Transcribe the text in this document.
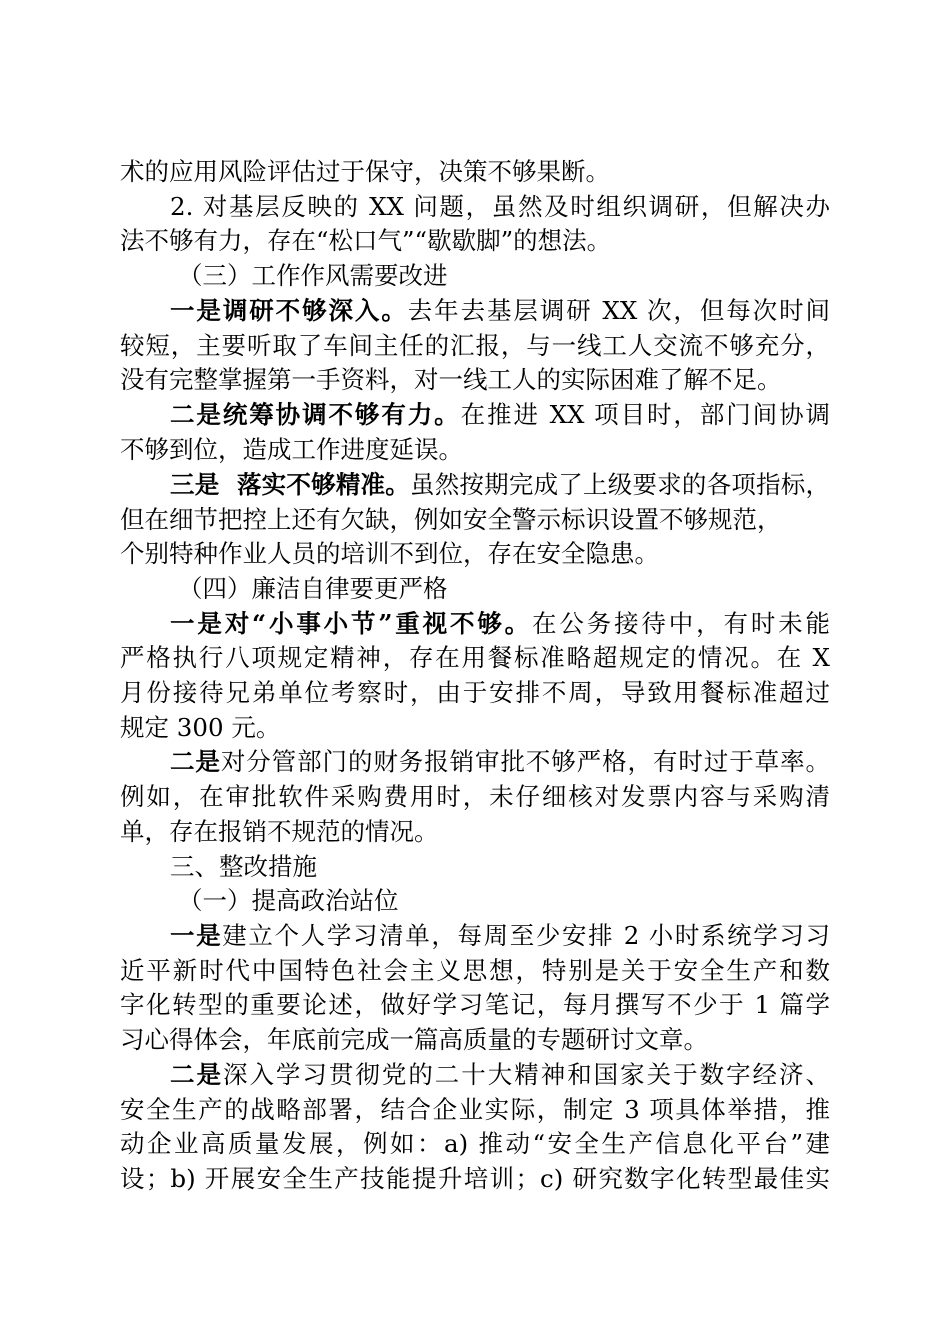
术的应用风险评估过于保守，决策不够果断。
2. 对基层反映的 XX 问题，虽然及时组织调研，但解决办
法不够有力，存在“松口气”“歇歇脚”的想法。
（三）工作作风需要改进
一是调研不够深入。去年去基层调研 XX 次，但每次时间
较短，主要听取了车间主任的汇报，与一线工人交流不够充分，
没有完整掌握第一手资料，对一线工人的实际困难了解不足。
二是统筹协调不够有力。在推进 XX 项目时，部门间协调
不够到位，造成工作进度延误。
三是  落实不够精准。虽然按期完成了上级要求的各项指标，
但在细节把控上还有欠缺，例如安全警示标识设置不够规范，
个别特种作业人员的培训不到位，存在安全隐患。
（四）廉洁自律要更严格
一是对“小事小节”重视不够。在公务接待中，有时未能
严格执行八项规定精神，存在用餐标准略超规定的情况。在 X
月份接待兄弟单位考察时，由于安排不周，导致用餐标准超过
规定 300 元。
二是对分管部门的财务报销审批不够严格，有时过于草率。
例如，在审批软件采购费用时，未仔细核对发票内容与采购清
单，存在报销不规范的情况。
三、整改措施
（一）提高政治站位
一是建立个人学习清单，每周至少安排 2 小时系统学习习
近平新时代中国特色社会主义思想，特别是关于安全生产和数
字化转型的重要论述，做好学习笔记，每月撰写不少于 1 篇学
习心得体会，年底前完成一篇高质量的专题研讨文章。
二是深入学习贯彻党的二十大精神和国家关于数字经济、
安全生产的战略部署，结合企业实际，制定 3 项具体举措，推
动企业高质量发展，例如：a) 推动“安全生产信息化平台”建
设；b) 开展安全生产技能提升培训；c) 研究数字化转型最佳实
